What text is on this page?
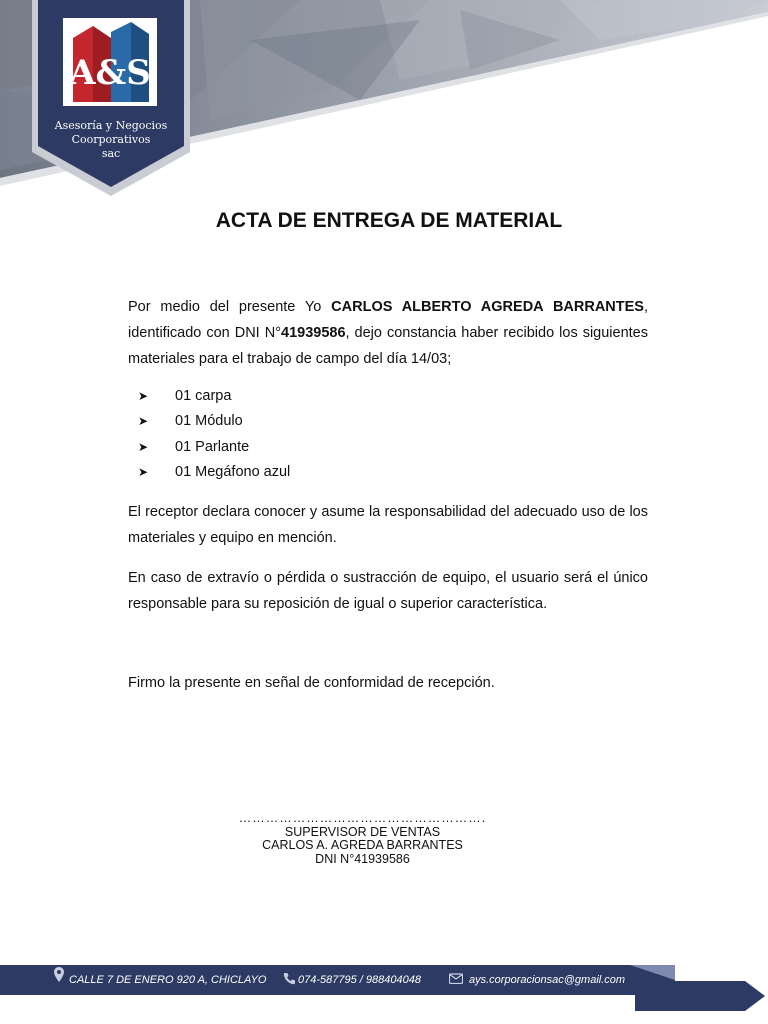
A&S
Asesoría y Negocios
Coorporativos
sac
ACTA DE ENTREGA DE MATERIAL
Por medio del presente Yo CARLOS ALBERTO AGREDA BARRANTES, identificado con DNI N°41939586, dejo constancia haber recibido los siguientes materiales para el trabajo de campo del día 14/03;
➤ 01 carpa
➤ 01 Módulo
➤ 01 Parlante
➤ 01 Megáfono azul
El receptor declara conocer y asume la responsabilidad del adecuado uso de los materiales y equipo en mención.
En caso de extravío o pérdida o sustracción de equipo, el usuario será el único responsable para su reposición de igual o superior característica.
Firmo la presente en señal de conformidad de recepción.
……………………………………………….
SUPERVISOR DE VENTAS
CARLOS A. AGREDA BARRANTES
DNI N°41939586
CALLE 7 DE ENERO 920 A, CHICLAYO	074-587795 / 988404048	ays.corporacionsac@gmail.com
